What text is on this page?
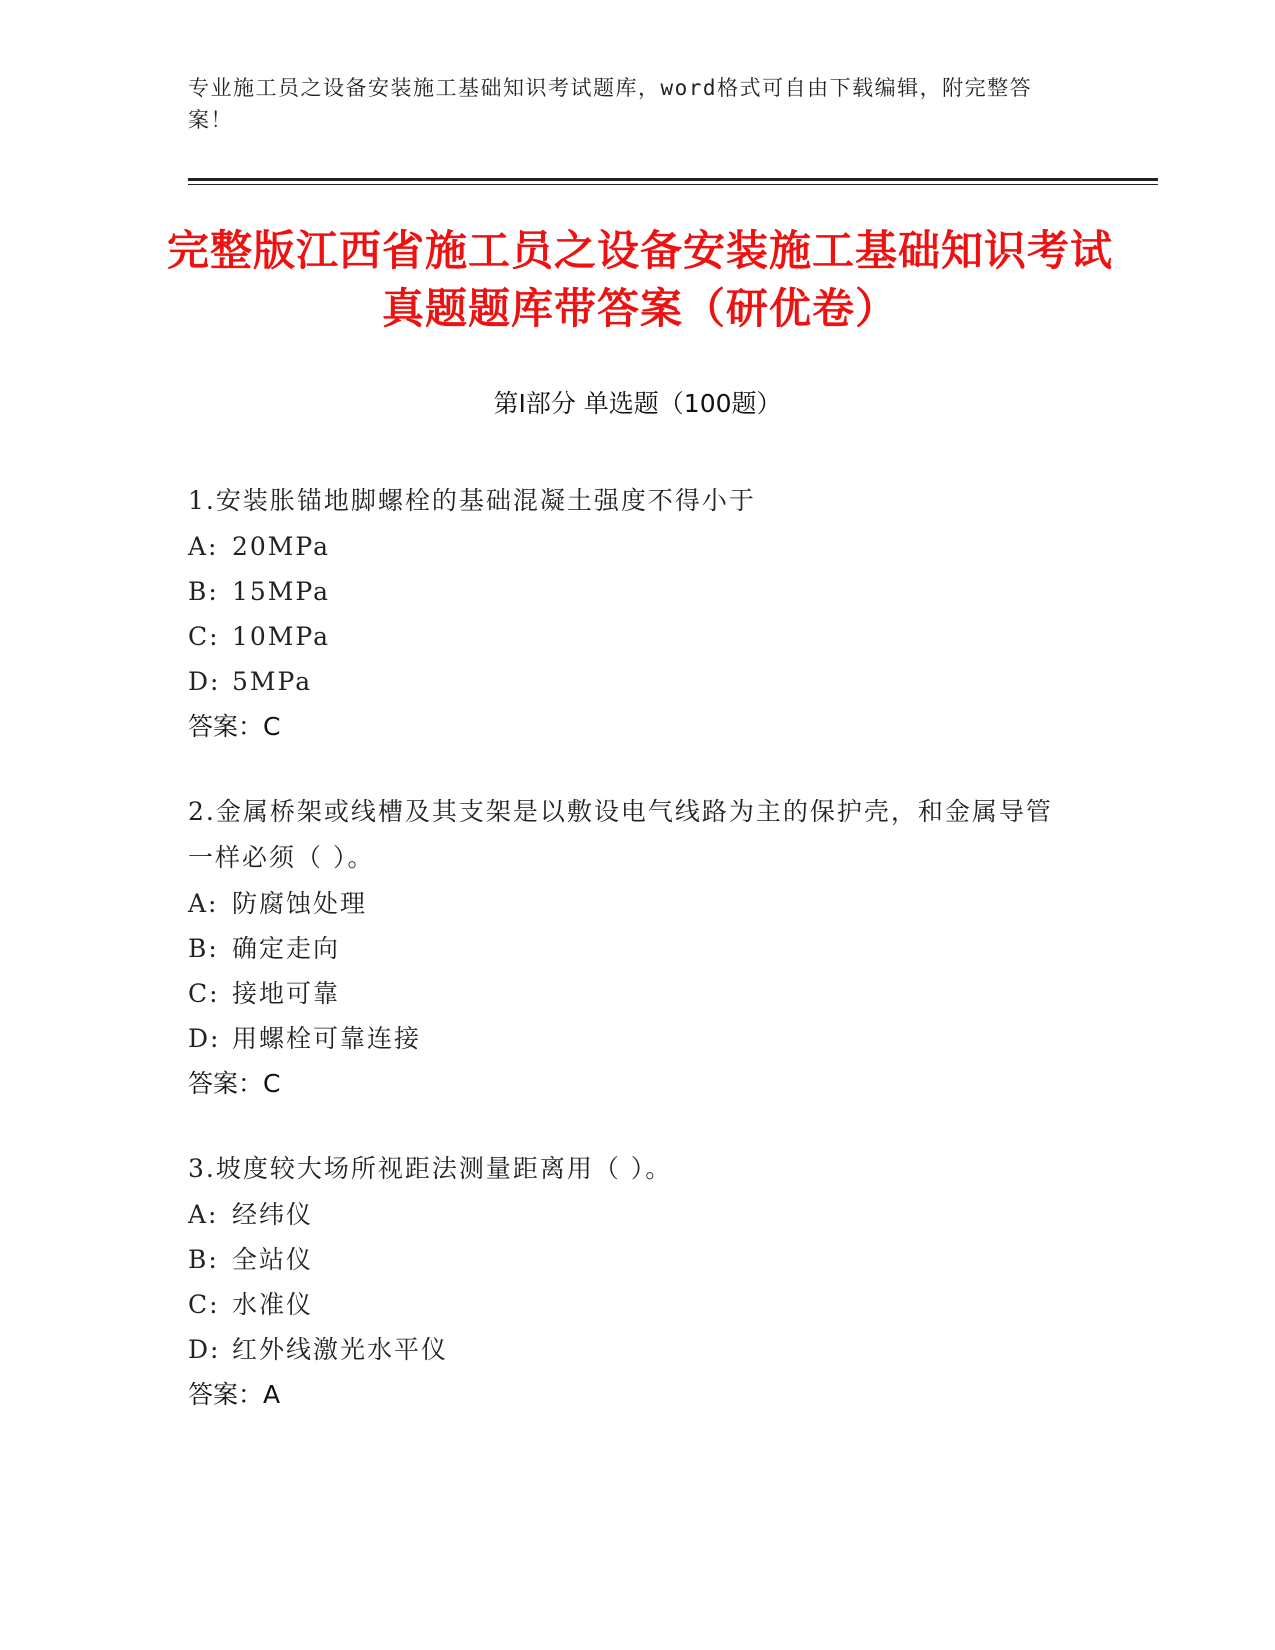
专业施工员之设备安装施工基础知识考试题库，word格式可自由下载编辑，附完整答案！
完整版江西省施工员之设备安装施工基础知识考试真题题库带答案（研优卷）
第Ⅰ部分 单选题（100题）
1.安装胀锚地脚螺栓的基础混凝土强度不得小于
A: 20MPa
B: 15MPa
C: 10MPa
D: 5MPa
答案：C
2.金属桥架或线槽及其支架是以敷设电气线路为主的保护壳，和金属导管一样必须（ ）。
A: 防腐蚀处理
B: 确定走向
C: 接地可靠
D: 用螺栓可靠连接
答案：C
3.坡度较大场所视距法测量距离用（ ）。
A: 经纬仪
B: 全站仪
C: 水准仪
D: 红外线激光水平仪
答案：A
